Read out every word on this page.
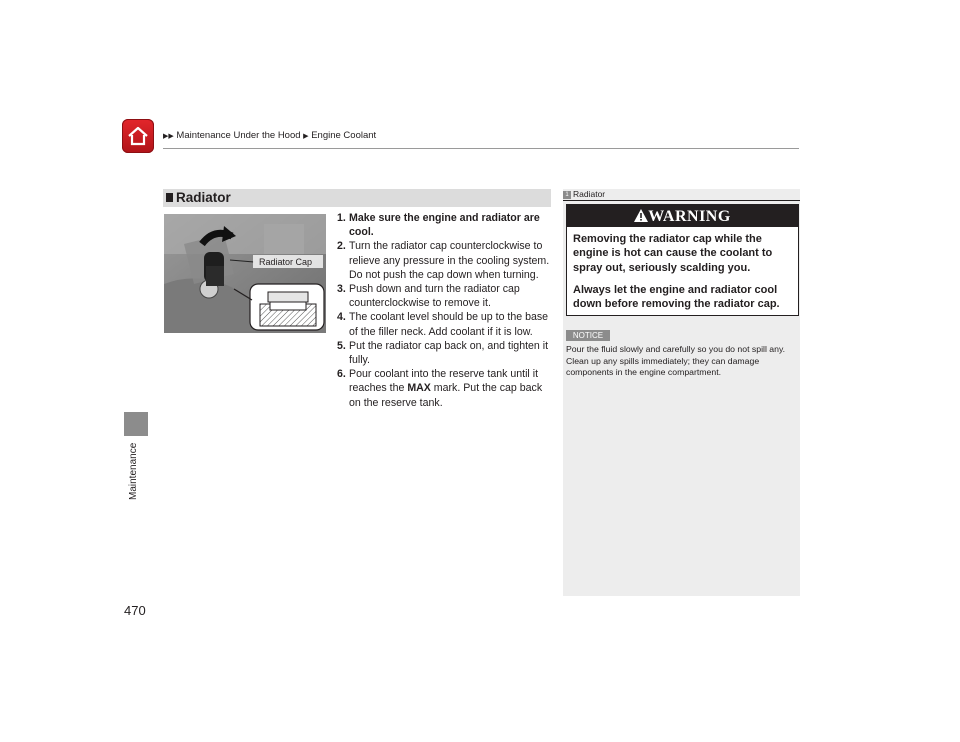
▶▶ Maintenance Under the Hood ▶ Engine Coolant
Maintenance
470
Radiator
Radiator Cap

1. Make sure the engine and radiator are cool.

2. Turn the radiator cap counterclockwise to relieve any pressure in the cooling system. Do not push the cap down when turning.

3. Push down and turn the radiator cap counterclockwise to remove it.

4. The coolant level should be up to the base of the filler neck. Add coolant if it is low.

5. Put the radiator cap back on, and tighten it fully.

6. Pour coolant into the reserve tank until it reaches the MAX mark. Put the cap back on the reserve tank.

1 Radiator
WARNING

Removing the radiator cap while the engine is hot can cause the coolant to spray out, seriously scalding you.

Always let the engine and radiator cool down before removing the radiator cap.

NOTICE
Pour the fluid slowly and carefully so you do not spill any. Clean up any spills immediately; they can damage components in the engine compartment.
